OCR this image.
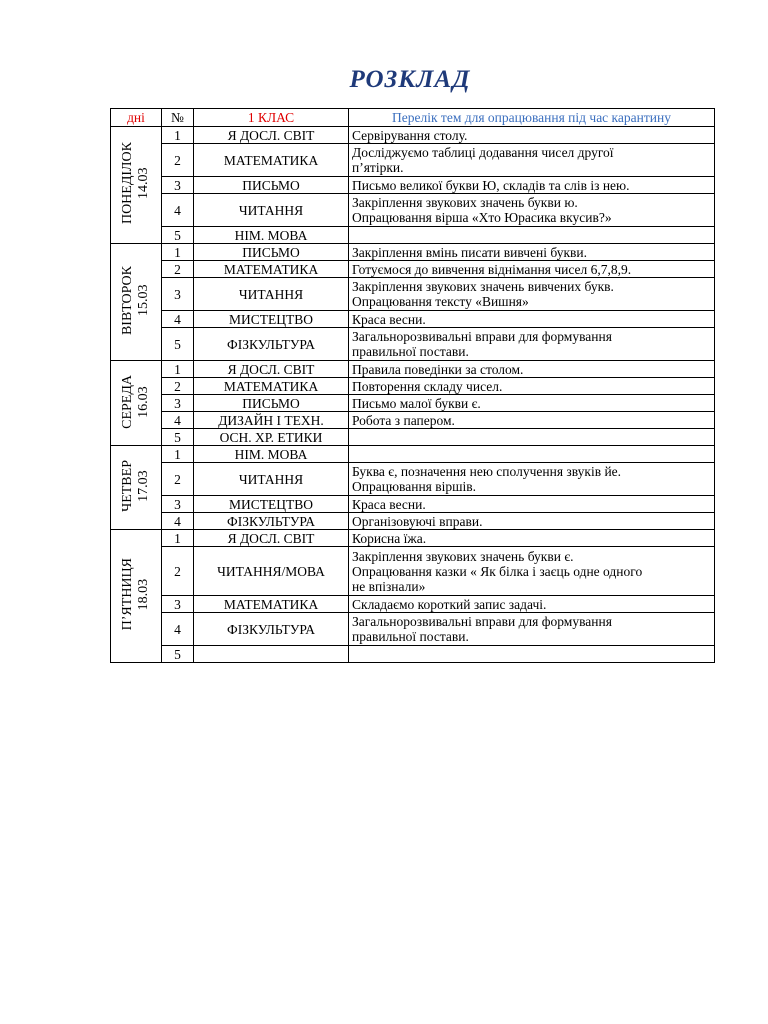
РОЗКЛАД
дні	№	1 КЛАС	Перелік тем для опрацювання під час карантину

ПОНЕДІЛОК 14.03	1	Я ДОСЛ. СВІТ	Сервірування столу.

	2	МАТЕМАТИКА	Досліджуємо таблиці додавання чисел другої
п’ятірки.

	3	ПИСЬМО	Письмо великої букви Ю, складів та слів із нею.

	4	ЧИТАННЯ	Закріплення звукових значень букви ю.
Опрацювання вірша «Хто Юрасика вкусив?»

	5	НІМ. МОВА	

ВІВТОРОК 15.03	1	ПИСЬМО	Закріплення вмінь писати вивчені букви.

	2	МАТЕМАТИКА	Готуємося до вивчення віднімання чисел 6,7,8,9.

	3	ЧИТАННЯ	Закріплення звукових значень вивчених букв.
Опрацювання тексту «Вишня»

	4	МИСТЕЦТВО	Краса весни.

	5	ФІЗКУЛЬТУРА	Загальнорозвивальні вправи для формування
правильної постави.

СЕРЕДА 16.03	1	Я ДОСЛ. СВІТ	Правила поведінки за столом.

	2	МАТЕМАТИКА	Повторення складу чисел.

	3	ПИСЬМО	Письмо малої букви є.

	4	ДИЗАЙН І ТЕХН.	Робота з папером.

	5	ОСН. ХР. ЕТИКИ	

ЧЕТВЕР 17.03	1	НІМ. МОВА	
	2	ЧИТАННЯ	Буква є, позначення нею сполучення звуків йе.
Опрацювання віршів.

	3	МИСТЕЦТВО	Краса весни.

	4	ФІЗКУЛЬТУРА	Організовуючі вправи.

П’ЯТНИЦЯ 18.03	1	Я ДОСЛ. СВІТ	Корисна їжа.

	2	ЧИТАННЯ/МОВА	Закріплення звукових значень букви є.
Опрацювання казки « Як білка і заєць одне одного
не впізнали»

	3	МАТЕМАТИКА	Складаємо короткий запис задачі.

	4	ФІЗКУЛЬТУРА	Загальнорозвивальні вправи для формування
правильної постави.

	5		
